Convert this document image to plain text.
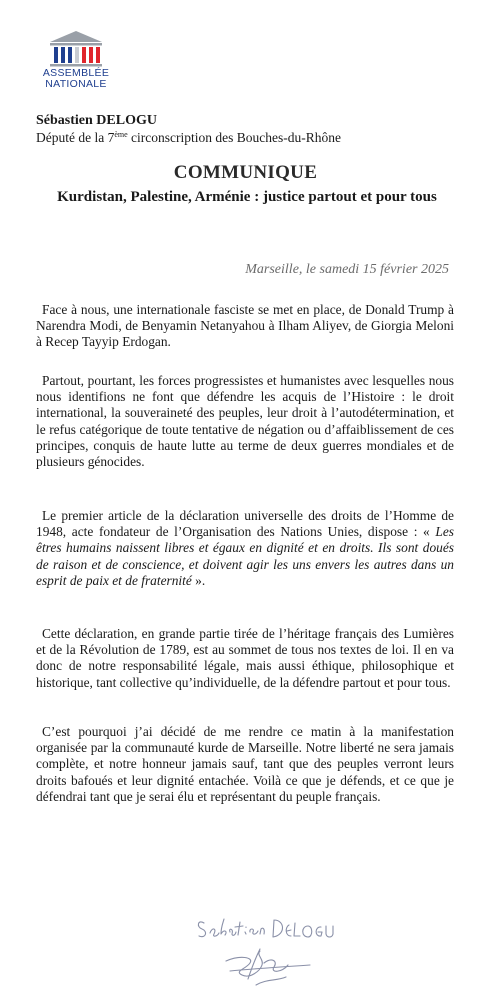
ASSEMBLÉE
NATIONALE
Sébastien DELOGU
Député de la 7ème circonscription des Bouches-du-Rhône
COMMUNIQUE
Kurdistan, Palestine, Arménie : justice partout et pour tous
Marseille, le samedi 15 février 2025

Face à nous, une internationale fasciste se met en place, de Donald Trump à Narendra Modi, de Benyamin Netanyahou à Ilham Aliyev, de Giorgia Meloni à Recep Tayyip Erdogan.

Partout, pourtant, les forces progressistes et humanistes avec lesquelles nous nous identifions ne font que défendre les acquis de l’Histoire : le droit international, la souveraineté des peuples, leur droit à l’autodétermination, et le refus catégorique de toute tentative de négation ou d’affaiblissement de ces principes, conquis de haute lutte au terme de deux guerres mondiales et de plusieurs génocides.

Le premier article de la déclaration universelle des droits de l’Homme de 1948, acte fondateur de l’Organisation des Nations Unies, dispose : « Les êtres humains naissent libres et égaux en dignité et en droits. Ils sont doués de raison et de conscience, et doivent agir les uns envers les autres dans un esprit de paix et de fraternité ».

Cette déclaration, en grande partie tirée de l’héritage français des Lumières et de la Révolution de 1789, est au sommet de tous nos textes de loi. Il en va donc de notre responsabilité légale, mais aussi éthique, philosophique et historique, tant collective qu’individuelle, de la défendre partout et pour tous.

C’est pourquoi j’ai décidé de me rendre ce matin à la manifestation organisée par la communauté kurde de Marseille. Notre liberté ne sera jamais complète, et notre honneur jamais sauf, tant que des peuples verront leurs droits bafoués et leur dignité entachée. Voilà ce que je défends, et ce que je défendrai tant que je serai élu et représentant du peuple français.
